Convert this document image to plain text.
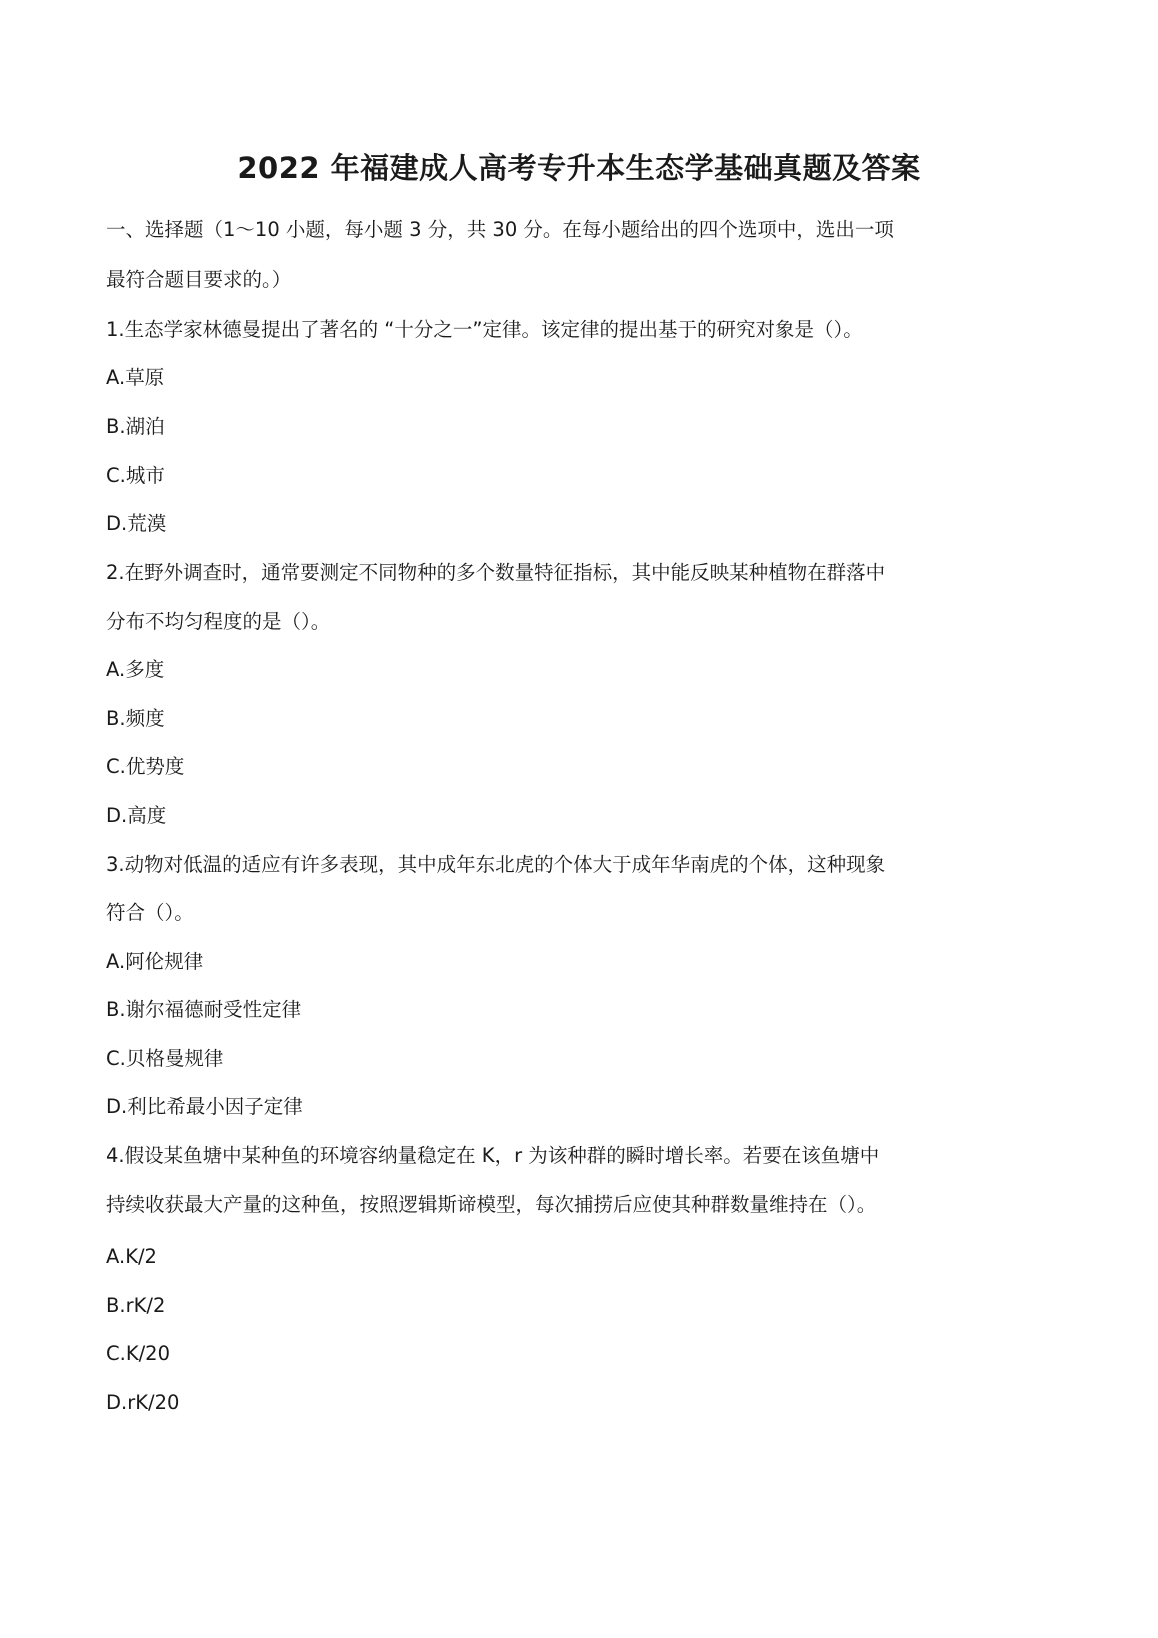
2022 年福建成人高考专升本生态学基础真题及答案
一、选择题（1〜10 小题，每小题 3 分，共 30 分。在每小题给出的四个选项中，选出一项
最符合题目要求的。）
1.生态学家林德曼提出了著名的 “十分之一”定律。该定律的提出基于的研究对象是（）。
A.草原
B.湖泊
C.城市
D.荒漠
2.在野外调查时，通常要测定不同物种的多个数量特征指标，其中能反映某种植物在群落中
分布不均匀程度的是（）。
A.多度
B.频度
C.优势度
D.高度
3.动物对低温的适应有许多表现，其中成年东北虎的个体大于成年华南虎的个体，这种现象
符合（）。
A.阿伦规律
B.谢尔福德耐受性定律
C.贝格曼规律
D.利比希最小因子定律
4.假设某鱼塘中某种鱼的环境容纳量稳定在 K，r 为该种群的瞬时增长率。若要在该鱼塘中
持续收获最大产量的这种鱼，按照逻辑斯谛模型，每次捕捞后应使其种群数量维持在（）。
A.K/2
B.rK/2
C.K/20
D.rK/20
